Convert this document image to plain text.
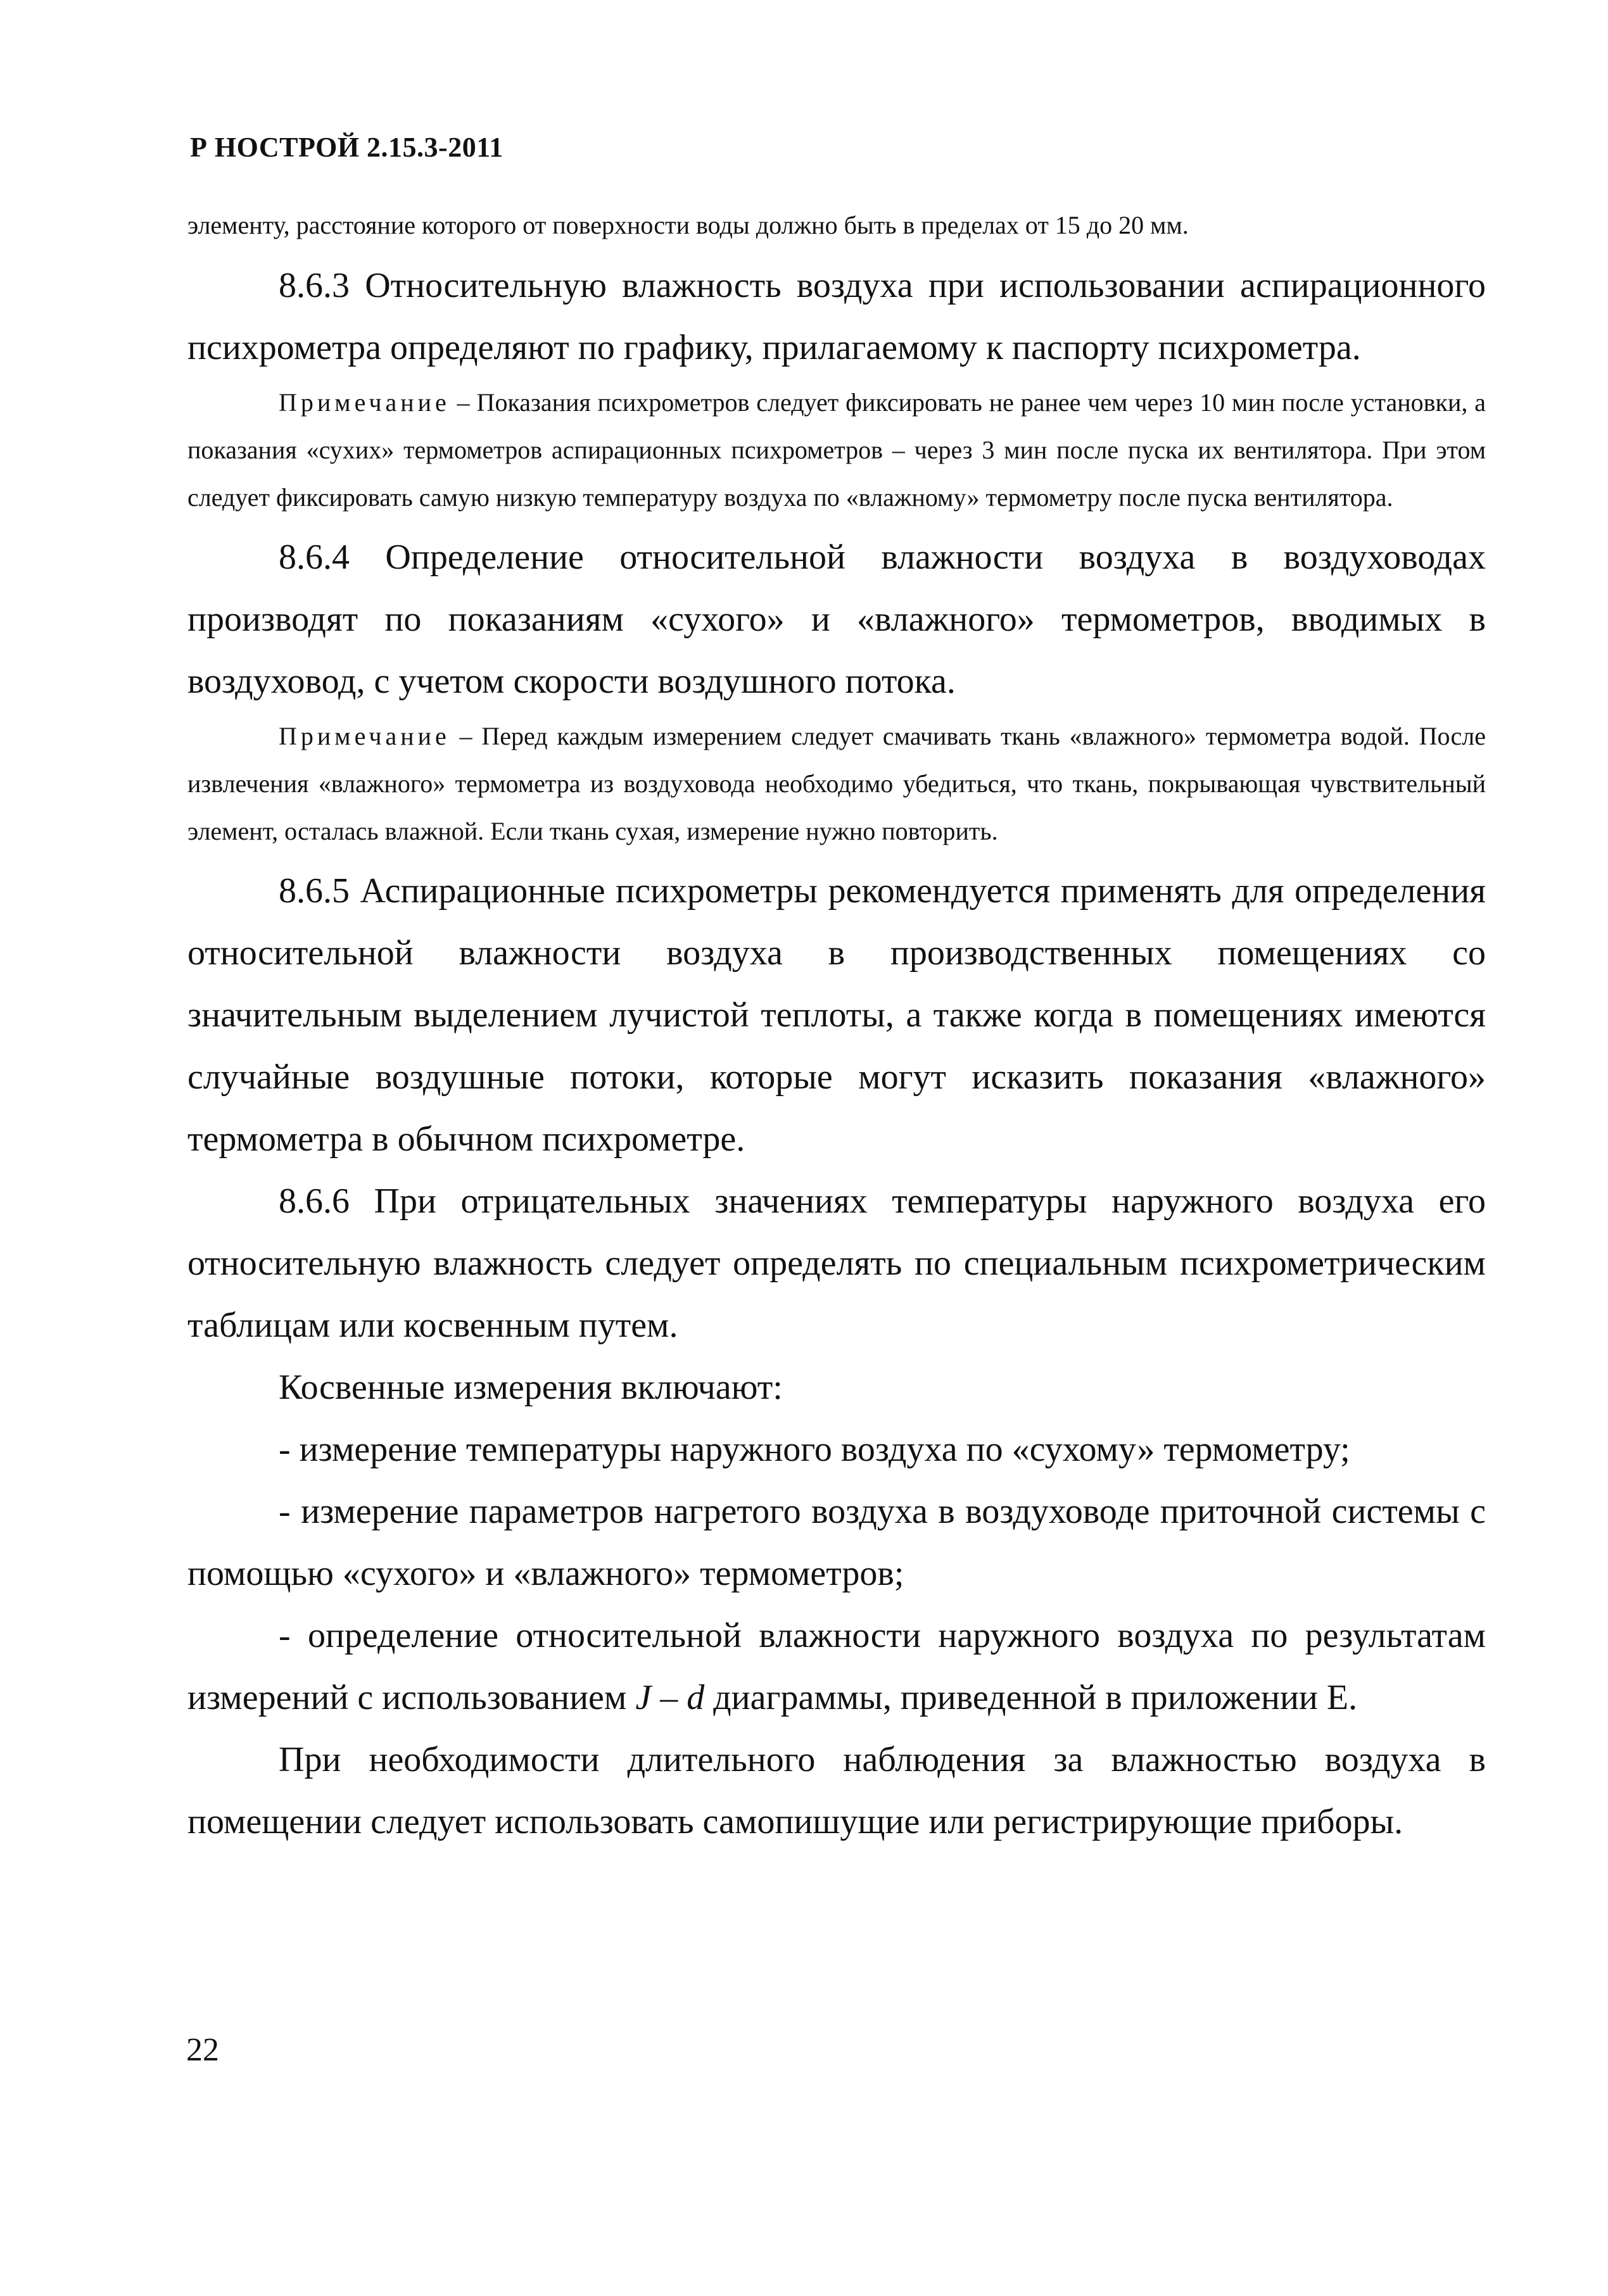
Р НОСТРОЙ 2.15.3-2011

элементу, расстояние которого от поверхности воды должно быть в пределах от 15 до 20 мм.

8.6.3 Относительную влажность воздуха при использовании аспирационного психрометра определяют по графику, прилагаемому к паспорту психрометра.

Примечание – Показания психрометров следует фиксировать не ранее чем через 10 мин после установки, а показания «сухих» термометров аспирационных психрометров – через 3 мин после пуска их вентилятора. При этом следует фиксировать самую низкую температуру воздуха по «влажному» термометру после пуска вентилятора.

8.6.4 Определение относительной влажности воздуха в воздуховодах производят по показаниям «сухого» и «влажного» термометров, вводимых в воздуховод, с учетом скорости воздушного потока.

Примечание – Перед каждым измерением следует смачивать ткань «влажного» термометра водой. После извлечения «влажного» термометра из воздуховода необходимо убедиться, что ткань, покрывающая чувствительный элемент, осталась влажной. Если ткань сухая, измерение нужно повторить.

8.6.5 Аспирационные психрометры рекомендуется применять для определения относительной влажности воздуха в производственных помещениях со значительным выделением лучистой теплоты, а также когда в помещениях имеются случайные воздушные потоки, которые могут исказить показания «влажного» термометра в обычном психрометре.

8.6.6 При отрицательных значениях температуры наружного воздуха его относительную влажность следует определять по специальным психрометрическим таблицам или косвенным путем.

Косвенные измерения включают:

- измерение температуры наружного воздуха по «сухому» термометру;

- измерение параметров нагретого воздуха в воздуховоде приточной системы с помощью «сухого» и «влажного» термометров;

- определение относительной влажности наружного воздуха по результатам измерений с использованием J – d диаграммы, приведенной в приложении Е.

При необходимости длительного наблюдения за влажностью воздуха в помещении следует использовать самопишущие или регистрирующие приборы.

22
